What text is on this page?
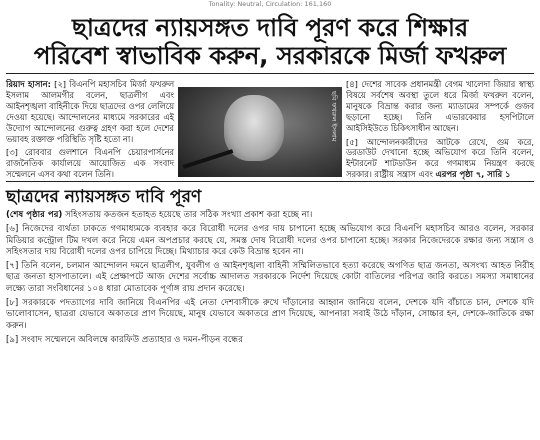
Tonality: Neutral, Circulation: 161,160
ছাত্রদের ন্যায়সঙ্গত দাবি পূরণ করে শিক্ষার
পরিবেশ স্বাভাবিক করুন, সরকারকে মির্জা ফখরুল

রিয়াদ হাসান: [২] বিএনপি মহাসচিব মির্জা ফখরুল ইসলাম আলমগীর বলেন, ছাত্রলীগ এবং আইনশৃঙ্খলা বাহিনীকে দিয়ে ছাত্রদের ওপর লেলিয়ে দেওয়া হয়েছে। আন্দোলনের মাধ্যমে সরকারের এই উদ্যোগ আন্দোলনের গুরুত্ব গ্রহণ করা হলে দেশের ভয়াবহ রক্তাক্ত পরিস্থিতি সৃষ্টি হতো না।

[৩] রোববার গুলশানে বিএনপি চেয়ারপার্সনের রাজনৈতিক কার্যালয়ে আয়োজিত এক সংবাদ সম্মেলনে এসব কথা বলেন তিনি।

ছবি ফখরুল ইসলাম

[৪] দেশের সাবেক প্রধানমন্ত্রী বেগম খালেদা জিয়ার স্বাস্থ্য বিষয়ে সর্বশেষ অবস্থা তুলে ধরে মির্জা ফখরুল বলেন, মানুষকে বিভ্রান্ত করার জন্য ম্যাডামের সম্পর্কে গুজব ছড়ানো হচ্ছে। তিনি এভারকেয়ার হসপিটালে আইসিইউতে চিকিৎসাধীন আছেন।

[৫] আন্দোলনকারীদের আটকে রেখে, গুম করে, ডরডাউট দেখানো হচ্ছে অভিযোগ করে তিনি বলেন, ইন্টারনেট শাটডাউন করে গণমাধ্যম নিয়ন্ত্রণ করছে সরকার। রাষ্ট্রীয় সন্ত্রাস এবং এরপর পৃষ্ঠা ৭, সারি ১

ছাত্রদের ন্যায়সঙ্গত দাবি পূরণ

(শেষ পৃষ্ঠার পর) সহিংসতায় কতজন হতাহত হয়েছে তার সঠিক সংখ্যা প্রকাশ করা হচ্ছে না।

[৬] নিজেদের ব্যর্থতা ঢাকতে গণমাধ্যমকে ব্যবহার করে বিরোধী দলের ওপর দায় চাপানো হচ্ছে অভিযোগ করে বিএনপি মহাসচিব আরও বলেন, সরকার মিডিয়ার কন্ট্রোল টিম দখল করে নিয়ে এমন অপপ্রচার করছে যে, সমস্ত দোষ বিরোধী দলের ওপর চাপানো হচ্ছে। সরকার নিজেদেরকে রক্ষার জন্য সন্ত্রাস ও সহিংসতার দায় বিরোধী দলের ওপর চাপিয়ে দিচ্ছে। মিথ্যাচার করে কেউ বিভ্রান্ত হবেন না।

[৭] তিনি বলেন, চলমান আন্দোলন দমনে ছাত্রলীগ, যুবলীগ ও আইনশৃঙ্খলা বাহিনী সম্মিলিতভাবে হত্যা করেছে অগণিত ছাত্র জনতা, অসংখ্য আহত নিরীহ ছাত্র জনতা হাসপাতালে। এই প্রেক্ষাপটে আজ দেশের সর্বোচ্চ আদালত সরকারকে নির্দেশ দিয়েছে কোটা বাতিলের পরিপত্র জারি করতে। সমস্যা সমাধানের লক্ষ্যে তারা সংবিধানের ১০৪ ধারা মোতাবেক পূর্ণাঙ্গ রায় প্রদান করেছে।

[৮] সরকারকে পদত্যাগের দাবি জানিয়ে বিএনপির এই নেতা দেশবাসীকে রুখে দাঁড়ানোর আহ্বান জানিয়ে বলেন, দেশকে যদি বাঁচাতে চান, দেশকে যদি ভালোবাসেন, ছাত্ররা যেভাবে অকাতরে প্রাণ দিয়েছে, মানুষ যেভাবে অকাতরে প্রাণ দিয়েছে, আপনারা সবাই উঠে দাঁড়ান, সোচ্চার হন, দেশকে-জাতিকে রক্ষা করুন।

[৯] সংবাদ সম্মেলনে অবিলম্বে কারফিউ প্রত্যাহার ও দমন-পীড়ন বন্ধের
